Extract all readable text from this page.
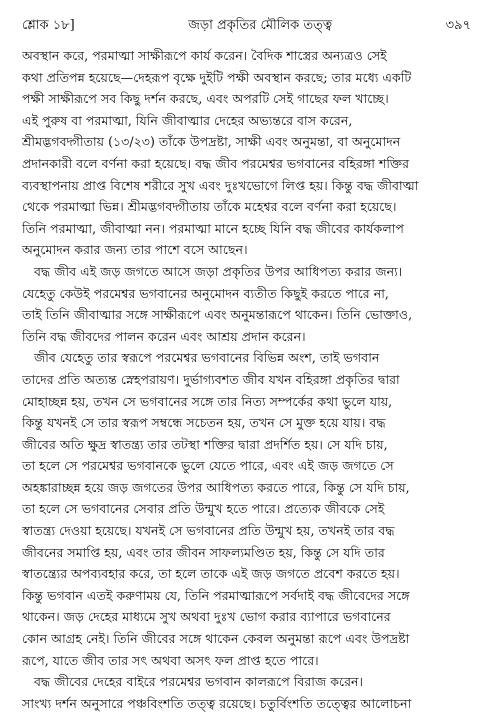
শ্লোক ১৮]	জড়া প্রকৃতির মৌলিক তত্ত্ব	৩৯৭
অবস্থান করে, পরমাত্মা সাক্ষীরূপে কার্য করেন। বৈদিক শাস্ত্রের অন্যত্রও সেই
কথা প্রতিপন্ন হয়েছে—দেহরূপ বৃক্ষে দুইটি পক্ষী অবস্থান করছে; তার মধ্যে একটি
পক্ষী সাক্ষীরূপে সব কিছু দর্শন করছে, এবং অপরটি সেই গাছের ফল খাচ্ছে।
এই পুরুষ বা পরমাত্মা, যিনি জীবাত্মার দেহের অভ্যন্তরে বাস করেন,
শ্রীমদ্ভগবদ্গীতায় (১৩/২৩) তাঁকে উপদ্রষ্টা, সাক্ষী এবং অনুমন্তা, বা অনুমোদন
প্রদানকারী বলে বর্ণনা করা হয়েছে। বদ্ধ জীব পরমেশ্বর ভগবানের বহিরঙ্গা শক্তির
ব্যবস্থাপনায় প্রাপ্ত বিশেষ শরীরে সুখ এবং দুঃখভোগে লিপ্ত হয়। কিন্তু বদ্ধ জীবাত্মা
থেকে পরমাত্মা ভিন্ন। শ্রীমদ্ভগবদ্গীতায় তাঁকে মহেশ্বর বলে বর্ণনা করা হয়েছে।
তিনি পরমাত্মা, জীবাত্মা নন। পরমাত্মা মানে হচ্ছে যিনি বদ্ধ জীবের কার্যকলাপ
অনুমোদন করার জন্য তার পাশে বসে আছেন।
বদ্ধ জীব এই জড় জগতে আসে জড়া প্রকৃতির উপর আধিপত্য করার জন্য।
যেহেতু কেউই পরমেশ্বর ভগবানের অনুমোদন ব্যতীত কিছুই করতে পারে না,
তাই তিনি জীবাত্মার সঙ্গে সাক্ষীরূপে এবং অনুমন্তারূপে থাকেন। তিনি ভোক্তাও,
তিনি বদ্ধ জীবদের পালন করেন এবং আশ্রয় প্রদান করেন।
জীব যেহেতু তার স্বরূপে পরমেশ্বর ভগবানের বিভিন্ন অংশ, তাই ভগবান
তাদের প্রতি অত্যন্ত স্নেহপরায়ণ। দুর্ভাগ্যবশত জীব যখন বহিরঙ্গা প্রকৃতির দ্বারা
মোহাচ্ছন্ন হয়, তখন সে ভগবানের সঙ্গে তার নিত্য সম্পর্কের কথা ভুলে যায়,
কিন্তু যখনই সে তার স্বরূপ সম্বন্ধে সচেতন হয়, তখন সে মুক্ত হয়ে যায়। বদ্ধ
জীবের অতি ক্ষুদ্র স্বাতন্ত্র্য তার তটস্থা শক্তির দ্বারা প্রদর্শিত হয়। সে যদি চায়,
তা হলে সে পরমেশ্বর ভগবানকে ভুলে যেতে পারে, এবং এই জড় জগতে সে
অহঙ্কারাচ্ছন্ন হয়ে জড় জগতের উপর আধিপত্য করতে পারে, কিন্তু সে যদি চায়,
তা হলে সে ভগবানের সেবার প্রতি উন্মুখ হতে পারে। প্রত্যেক জীবকে সেই
স্বাতন্ত্র্য দেওয়া হয়েছে। যখনই সে ভগবানের প্রতি উন্মুখ হয়, তখনই তার বদ্ধ
জীবনের সমাপ্তি হয়, এবং তার জীবন সাফল্যমণ্ডিত হয়, কিন্তু সে যদি তার
স্বাতন্ত্র্যের অপব্যবহার করে, তা হলে তাকে এই জড় জগতে প্রবেশ করতে হয়।
কিন্তু ভগবান এতই করুণাময় যে, তিনি পরমাত্মারূপে সর্বদাই বদ্ধ জীবেদের সঙ্গে
থাকেন। জড় দেহের মাধ্যমে সুখ অথবা দুঃখ ভোগ করার ব্যাপারে ভগবানের
কোন আগ্রহ নেই। তিনি জীবের সঙ্গে থাকেন কেবল অনুমন্তা রূপে এবং উপদ্রষ্টা
রূপে, যাতে জীব তার সৎ অথবা অসৎ ফল প্রাপ্ত হতে পারে।
বদ্ধ জীবের দেহের বাইরে পরমেশ্বর ভগবান কালরূপে বিরাজ করেন।
সাংখ্য দর্শন অনুসারে পঞ্চবিংশতি তত্ত্ব রয়েছে। চতুর্বিংশতি তত্ত্বের আলোচনা
